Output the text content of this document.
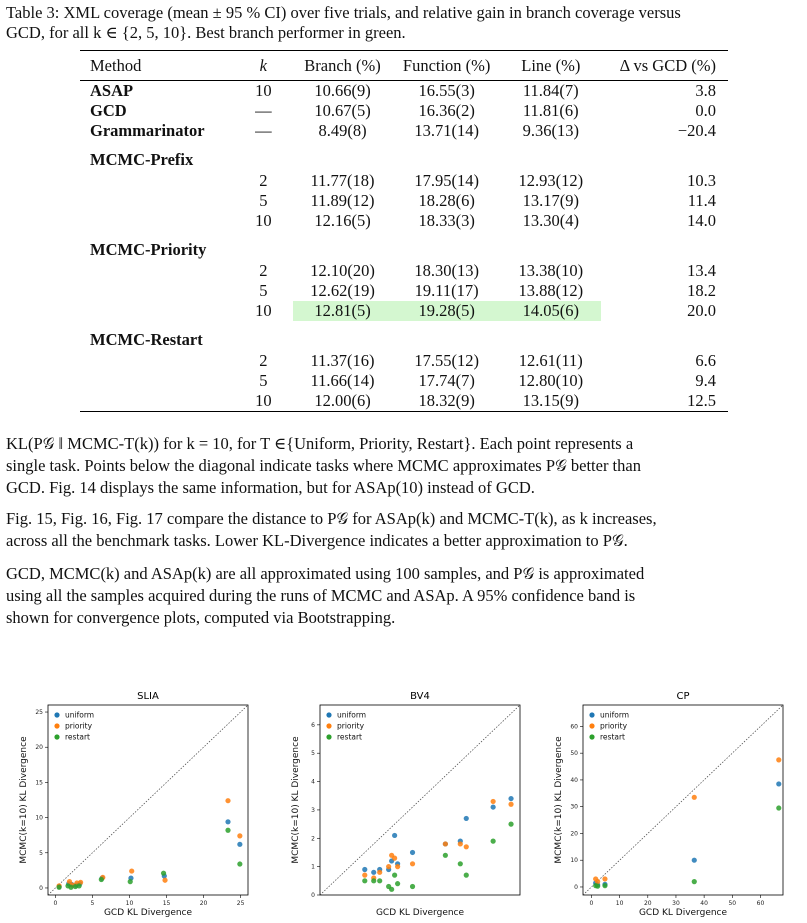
Table 3: XML coverage (mean ± 95 % CI) over five trials, and relative gain in branch coverage versus
GCD, for all k ∈ {2, 5, 10}. Best branch performer in green.
Method	k	Branch (%)	Function (%)	Line (%)	Δ vs GCD (%)
ASAP	10	10.66(9)	16.55(3)	11.84(7)	3.8
GCD	—	10.67(5)	16.36(2)	11.81(6)	0.0
Grammarinator	—	8.49(8)	13.71(14)	9.36(13)	−20.4

MCMC-Prefix					
	2	11.77(18)	17.95(14)	12.93(12)	10.3
	5	11.89(12)	18.28(6)	13.17(9)	11.4
	10	12.16(5)	18.33(3)	13.30(4)	14.0

MCMC-Priority					
	2	12.10(20)	18.30(13)	13.38(10)	13.4
	5	12.62(19)	19.11(17)	13.88(12)	18.2
	10	12.81(5)	19.28(5)	14.05(6)	20.0

MCMC-Restart					
	2	11.37(16)	17.55(12)	12.61(11)	6.6
	5	11.66(14)	17.74(7)	12.80(10)	9.4
	10	12.00(6)	18.32(9)	13.15(9)	12.5
KL(P𝒢 ‖ MCMC-T(k)) for k = 10, for T ∈{Uniform, Priority, Restart}. Each point represents a
single task. Points below the diagonal indicate tasks where MCMC approximates P𝒢 better than
GCD. Fig. 14 displays the same information, but for ASAp(10) instead of GCD.
Fig. 15, Fig. 16, Fig. 17 compare the distance to P𝒢 for ASAp(k) and MCMC-T(k), as k increases,
across all the benchmark tasks. Lower KL-Divergence indicates a better approximation to P𝒢.
GCD, MCMC(k) and ASAp(k) are all approximated using 100 samples, and P𝒢 is approximated
using all the samples acquired during the runs of MCMC and ASAp. A 95% confidence band is
shown for convergence plots, computed via Bootstrapping.
SLIA
0	5	10	15	20	25
0
5
10
15
20
25
GCD KL Divergence
MCMC(k=10) KL Divergence
uniform
priority
restart
BV4
0
1
2
3
4
5
6
GCD KL Divergence
MCMC(k=10) KL Divergence
uniform
priority
restart
CP
0	10	20	30	40	50	60
0
10
20
30
40
50
60
GCD KL Divergence
MCMC(k=10) KL Divergence
uniform
priority
restart
